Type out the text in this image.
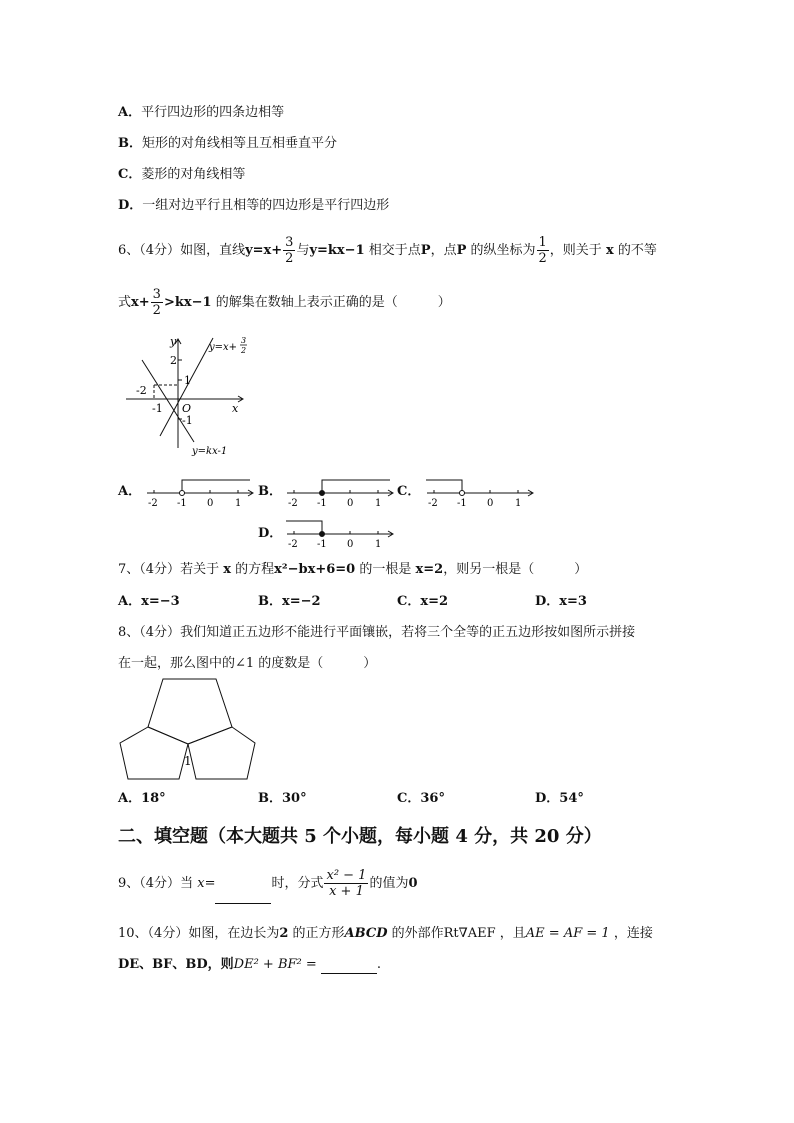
A．平行四边形的四条边相等
B．矩形的对角线相等且互相垂直平分
C．菱形的对角线相等
D．一组对边平行且相等的四边形是平行四边形
6、（4分）如图，直线$y=x+ \frac{3}{2}$ 与y=kx−1 相交于点P，点P 的纵坐标为 $\frac{1}{2}$ ，则关于 x 的不等
式$x+ \frac{3}{2} >kx-1$ 的解集在数轴上表示正确的是（	）
y
x
O
2
1
-1
-2
-1
y=x+
3
2
y=kx-1
A．
-2 -1 0 1
B．
-2 -1 0 1
C．
-2 -1 0 1
D．
-2 -1 0 1
7、（4分）若关于 x 的方程x²−bx+6=0 的一根是 x=2，则另一根是（	）
A．x=−3	B．x=−2	C．x=2	D．x=3
8、（4分）我们知道正五边形不能进行平面镶嵌，若将三个全等的正五边形按如图所示拼接
在一起，那么图中的∠1 的度数是（	）
1
A．18°	B．30°	C．36°	D．54°
二、填空题（本大题共 5 个小题，每小题 4 分，共 20 分）
9、（4分）当 x=	时，分式 $\frac{\text{x² − 1}}{x + 1}$ 的值为0
10、（4分）如图，在边长为2 的正方形ABCD 的外部作Rt∇AEF ，且AE = AF = 1 ，连接
DE、BF、BD，则DE² + BF² =	.
